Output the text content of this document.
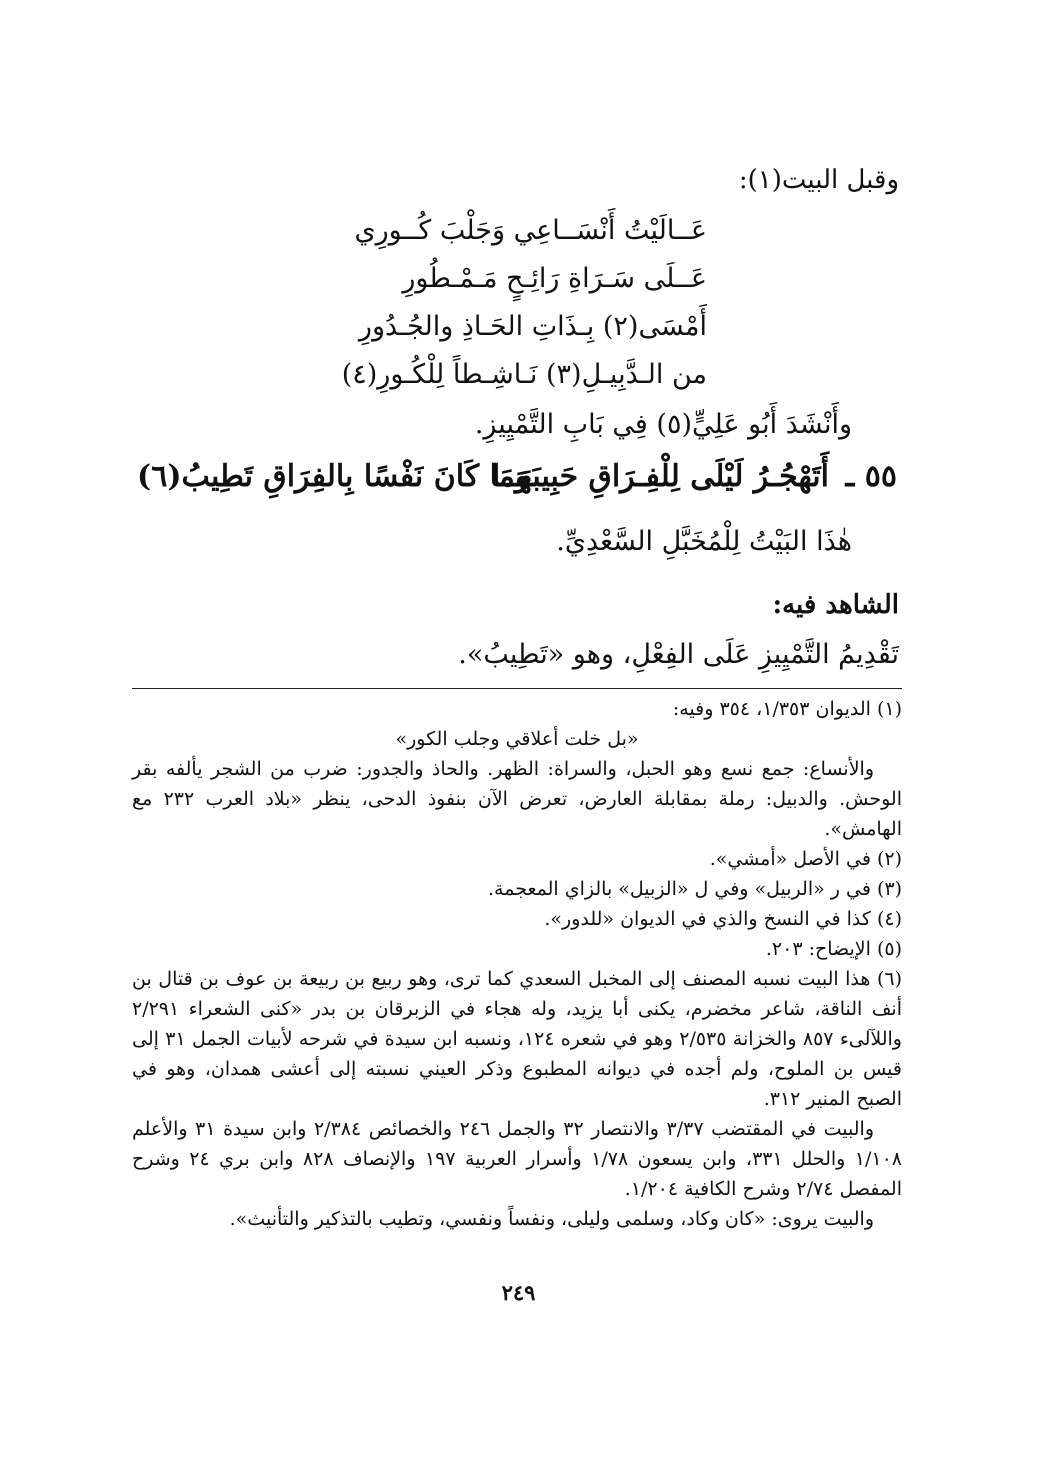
وقبل البيت(١):
عَــالَيْتُ أَنْسَــاعِي وَجَلْبَ كُــورِي
عَــلَى سَـرَاةِ رَائِـحٍ مَـمْـطُورِ
أَمْسَى(٢) بِـذَاتِ الحَـاذِ والجُـدُورِ
من الـدَّبِيـلِ(٣) نَـاشِـطاً لِلْكُـورِ(٤)
وأَنْشَدَ أَبُو عَلِيٍّ(٥) فِي بَابِ التَّمْيِيزِ.
٥٥ ـ
أَتَهْجُـرُ لَيْلَى لِلْفِـرَاقِ حَبِيبَهَــا
وَمَا كَانَ نَفْسًا بِالفِرَاقِ تَطِيبُ(٦)
هٰذَا البَيْتُ لِلْمُخَبَّلِ السَّعْدِيِّ.
الشاهد فيه:
تَقْدِيمُ التَّمْيِيزِ عَلَى الفِعْلِ، وهو «تَطِيبُ».

(١) الديوان ١/٣٥٣، ٣٥٤ وفيه:

«بل خلت أعلاقي وجلب الكور»

والأنساع: جمع نسع وهو الحبل، والسراة: الظهر. والحاذ والجدور: ضرب من الشجر يألفه بقر الوحش. والدبيل: رملة بمقابلة العارض، تعرض الآن بنفوذ الدحى، ينظر «بلاد العرب ٢٣٢ مع الهامش».

(٢) في الأصل «أمشي».

(٣) في ر «الربيل» وفي ل «الزبيل» بالزاي المعجمة.

(٤) كذا في النسخ والذي في الديوان «للدور».

(٥) الإيضاح: ٢٠٣.

(٦) هذا البيت نسبه المصنف إلى المخبل السعدي كما ترى، وهو ربيع بن ربيعة بن عوف بن قتال بن أنف الناقة، شاعر مخضرم، يكنى أبا يزيد، وله هجاء في الزبرقان بن بدر «كنى الشعراء ٢/٢٩١ واللآلىء ٨٥٧ والخزانة ٢/٥٣٥ وهو في شعره ١٢٤، ونسبه ابن سيدة في شرحه لأبيات الجمل ٣١ إلى قيس بن الملوح، ولم أجده في ديوانه المطبوع وذكر العيني نسبته إلى أعشى همدان، وهو في الصبح المنير ٣١٢.

والبيت في المقتضب ٣/٣٧ والانتصار ٣٢ والجمل ٢٤٦ والخصائص ٢/٣٨٤ وابن سيدة ٣١ والأعلم ١/١٠٨ والحلل ٣٣١، وابن يسعون ١/٧٨ وأسرار العربية ١٩٧ والإنصاف ٨٢٨ وابن بري ٢٤ وشرح المفصل ٢/٧٤ وشرح الكافية ١/٢٠٤.

والبيت يروى: «كان وكاد، وسلمى وليلى، ونفساً ونفسي، وتطيب بالتذكير والتأنيث».

٢٤٩
